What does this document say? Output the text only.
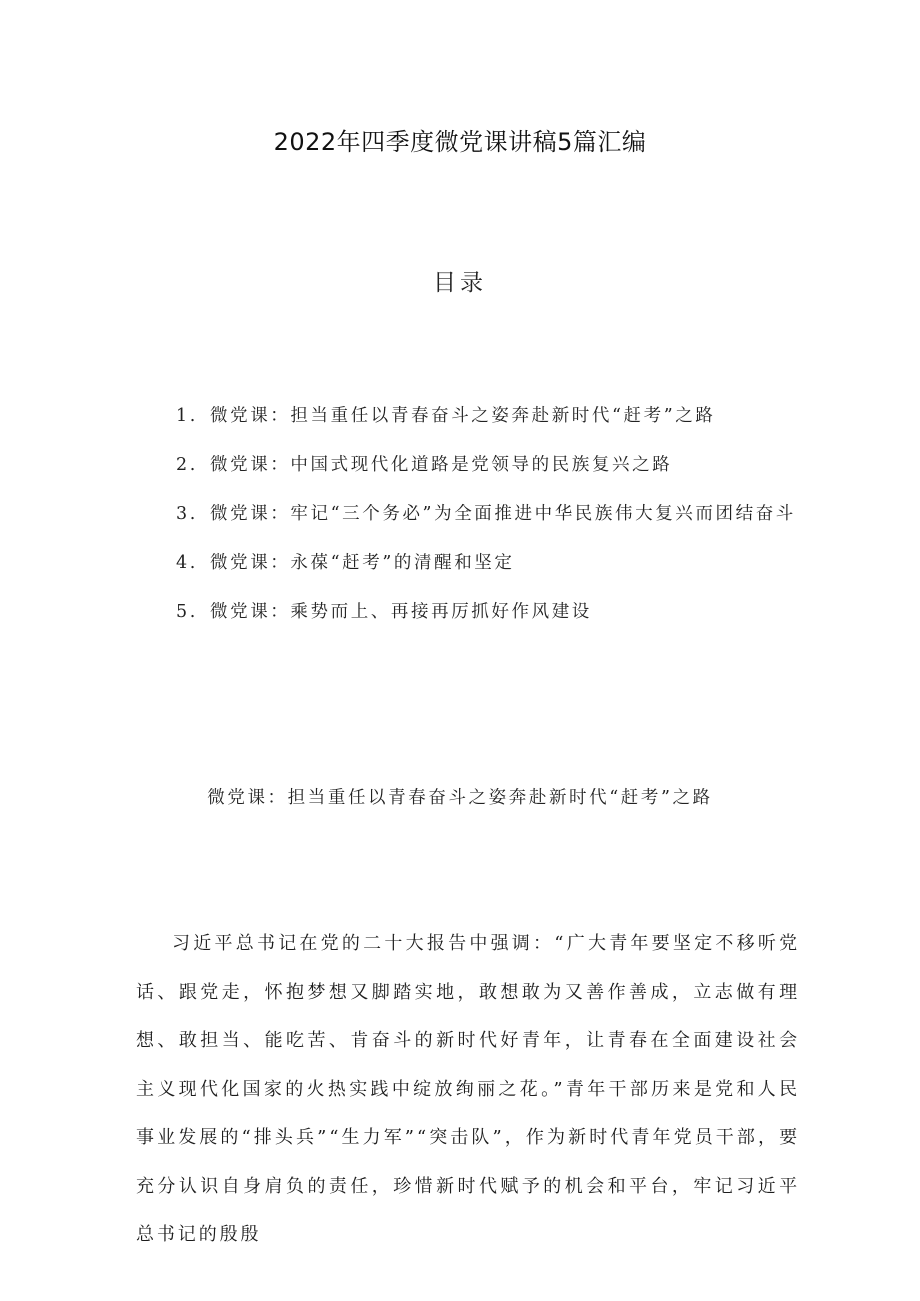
2022年四季度微党课讲稿5篇汇编
目录
1. 微党课：担当重任以青春奋斗之姿奔赴新时代“赶考”之路
2. 微党课：中国式现代化道路是党领导的民族复兴之路
3. 微党课：牢记“三个务必”为全面推进中华民族伟大复兴而团结奋斗
4. 微党课：永葆“赶考”的清醒和坚定
5. 微党课：乘势而上、再接再厉抓好作风建设
微党课：担当重任以青春奋斗之姿奔赴新时代“赶考”之路

习近平总书记在党的二十大报告中强调：“广大青年要坚定不移听党话、跟党走，怀抱梦想又脚踏实地，敢想敢为又善作善成，立志做有理想、敢担当、能吃苦、肯奋斗的新时代好青年，让青春在全面建设社会主义现代化国家的火热实践中绽放绚丽之花。”青年干部历来是党和人民事业发展的“排头兵”“生力军”“突击队”，作为新时代青年党员干部，要充分认识自身肩负的责任，珍惜新时代赋予的机会和平台，牢记习近平总书记的殷殷
